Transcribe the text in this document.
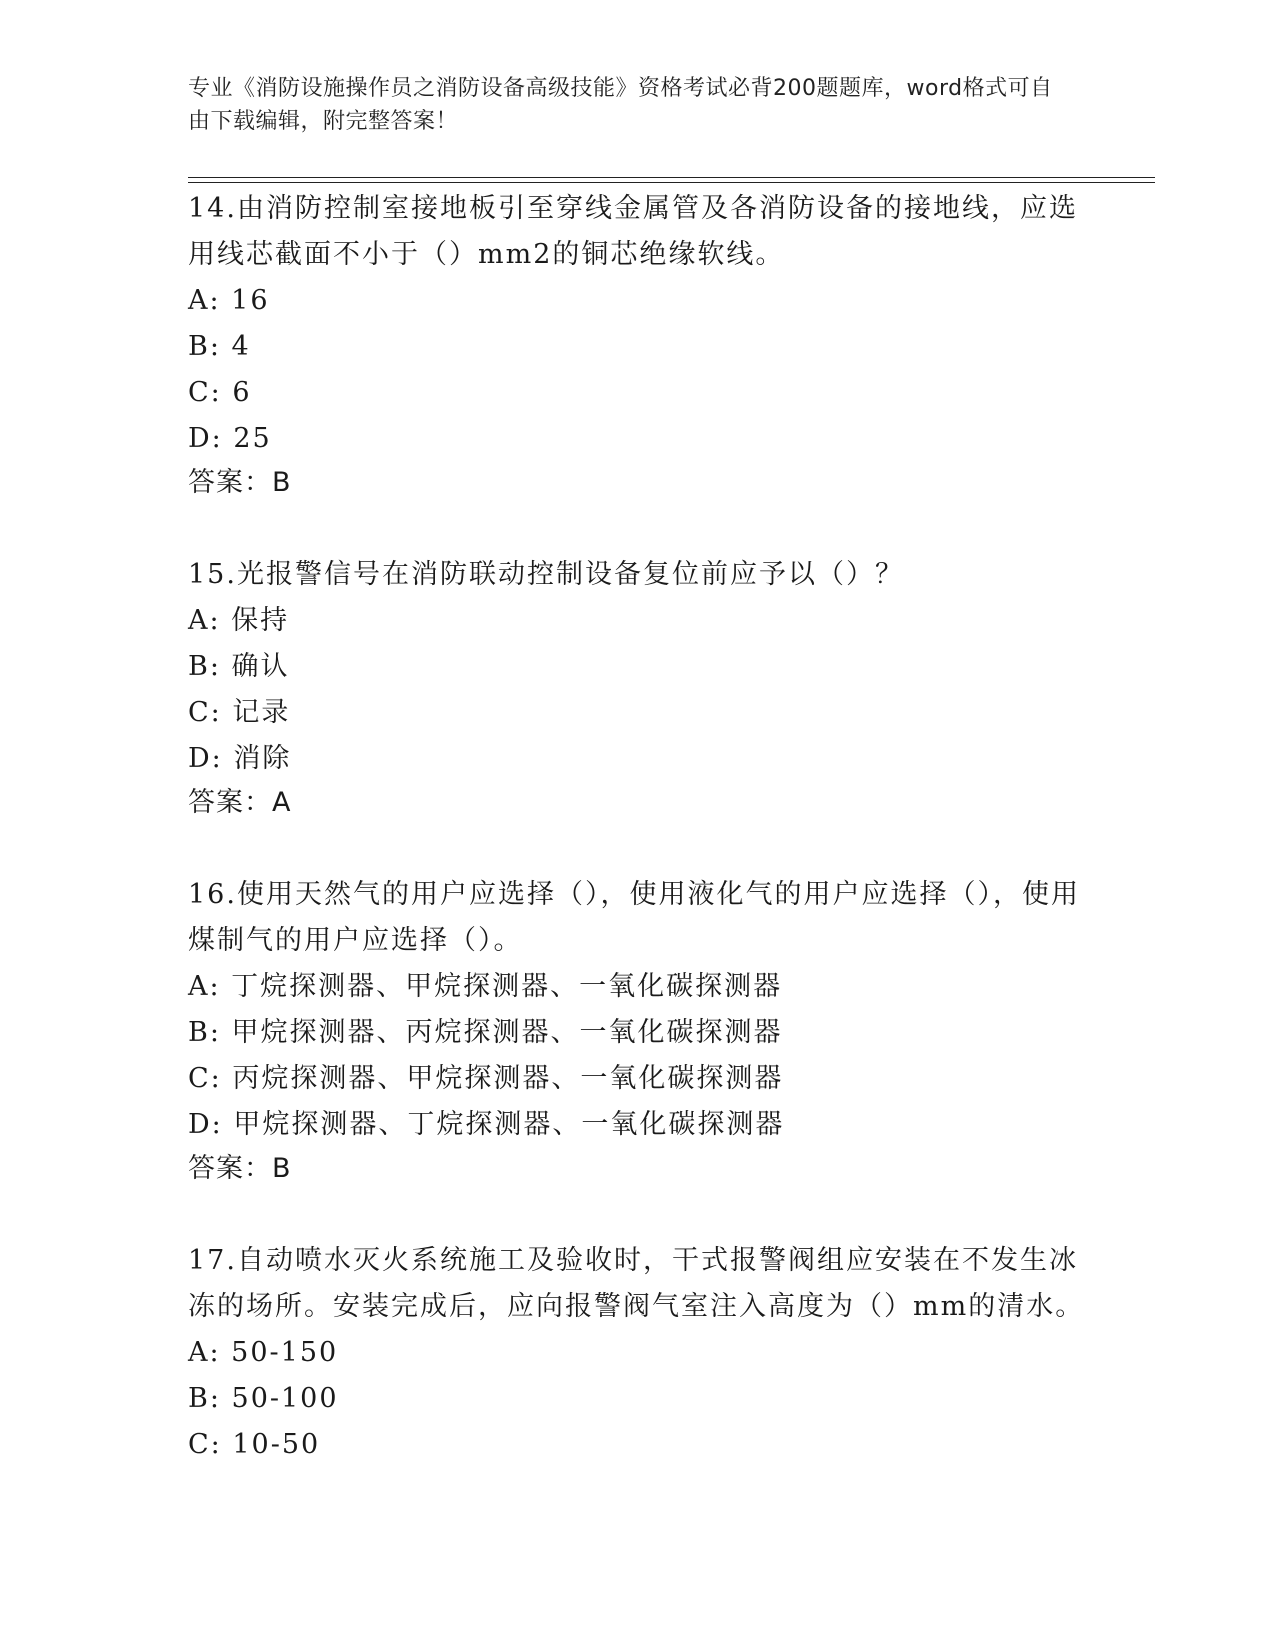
专业《消防设施操作员之消防设备高级技能》资格考试必背200题题库，word格式可自由下载编辑，附完整答案！
14.由消防控制室接地板引至穿线金属管及各消防设备的接地线，应选用线芯截面不小于（）mm2的铜芯绝缘软线。
A: 16
B: 4
C: 6
D: 25
答案：B
15.光报警信号在消防联动控制设备复位前应予以（）？
A: 保持
B: 确认
C: 记录
D: 消除
答案：A
16.使用天然气的用户应选择（），使用液化气的用户应选择（），使用煤制气的用户应选择（）。
A: 丁烷探测器、甲烷探测器、一氧化碳探测器
B: 甲烷探测器、丙烷探测器、一氧化碳探测器
C: 丙烷探测器、甲烷探测器、一氧化碳探测器
D: 甲烷探测器、丁烷探测器、一氧化碳探测器
答案：B
17.自动喷水灭火系统施工及验收时，干式报警阀组应安装在不发生冰冻的场所。安装完成后，应向报警阀气室注入高度为（）mm的清水。
A: 50-150
B: 50-100
C: 10-50
